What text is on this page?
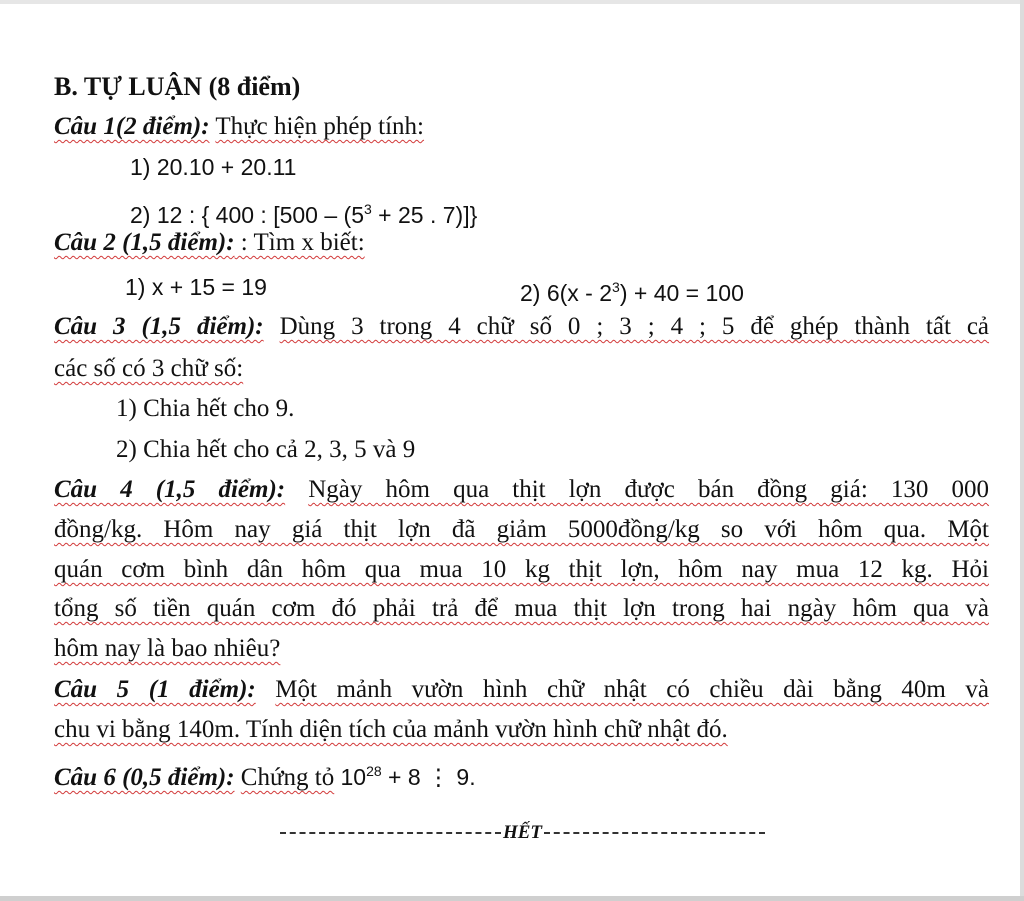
B. TỰ LUẬN (8 điểm)
Câu 1(2 điểm): Thực hiện phép tính:
1) 20.10 + 20.11
2) 12 : { 400 : [$500 - (5^3 + 25$ . 7)]}
Câu 2 (1,5 điểm): : Tìm x biết:
1) x + 15 = 19	2) $6(x - 2^3) + 40 = 100$
Câu 3 (1,5 điểm): Dùng 3 trong 4 chữ số 0 ; 3 ; 4 ; 5 để ghép thành tất cả
các số có 3 chữ số:
1) Chia hết cho 9.
2) Chia hết cho cả 2, 3, 5 và 9
Câu 4 (1,5 điểm): Ngày hôm qua thịt lợn được bán đồng giá: 130 000
đồng/kg. Hôm nay giá thịt lợn đã giảm 5000đồng/kg so với hôm qua. Một
quán cơm bình dân hôm qua mua 10 kg thịt lợn, hôm nay mua 12 kg. Hỏi
tổng số tiền quán cơm đó phải trả để mua thịt lợn trong hai ngày hôm qua và
hôm nay là bao nhiêu?
Câu 5 (1 điểm): Một mảnh vườn hình chữ nhật có chiều dài bằng 40m và
chu vi bằng 140m. Tính diện tích của mảnh vườn hình chữ nhật đó.
Câu 6 (0,5 điểm): Chứng tỏ $10^{28} + 8$ ⋮ 9.
HẾT
